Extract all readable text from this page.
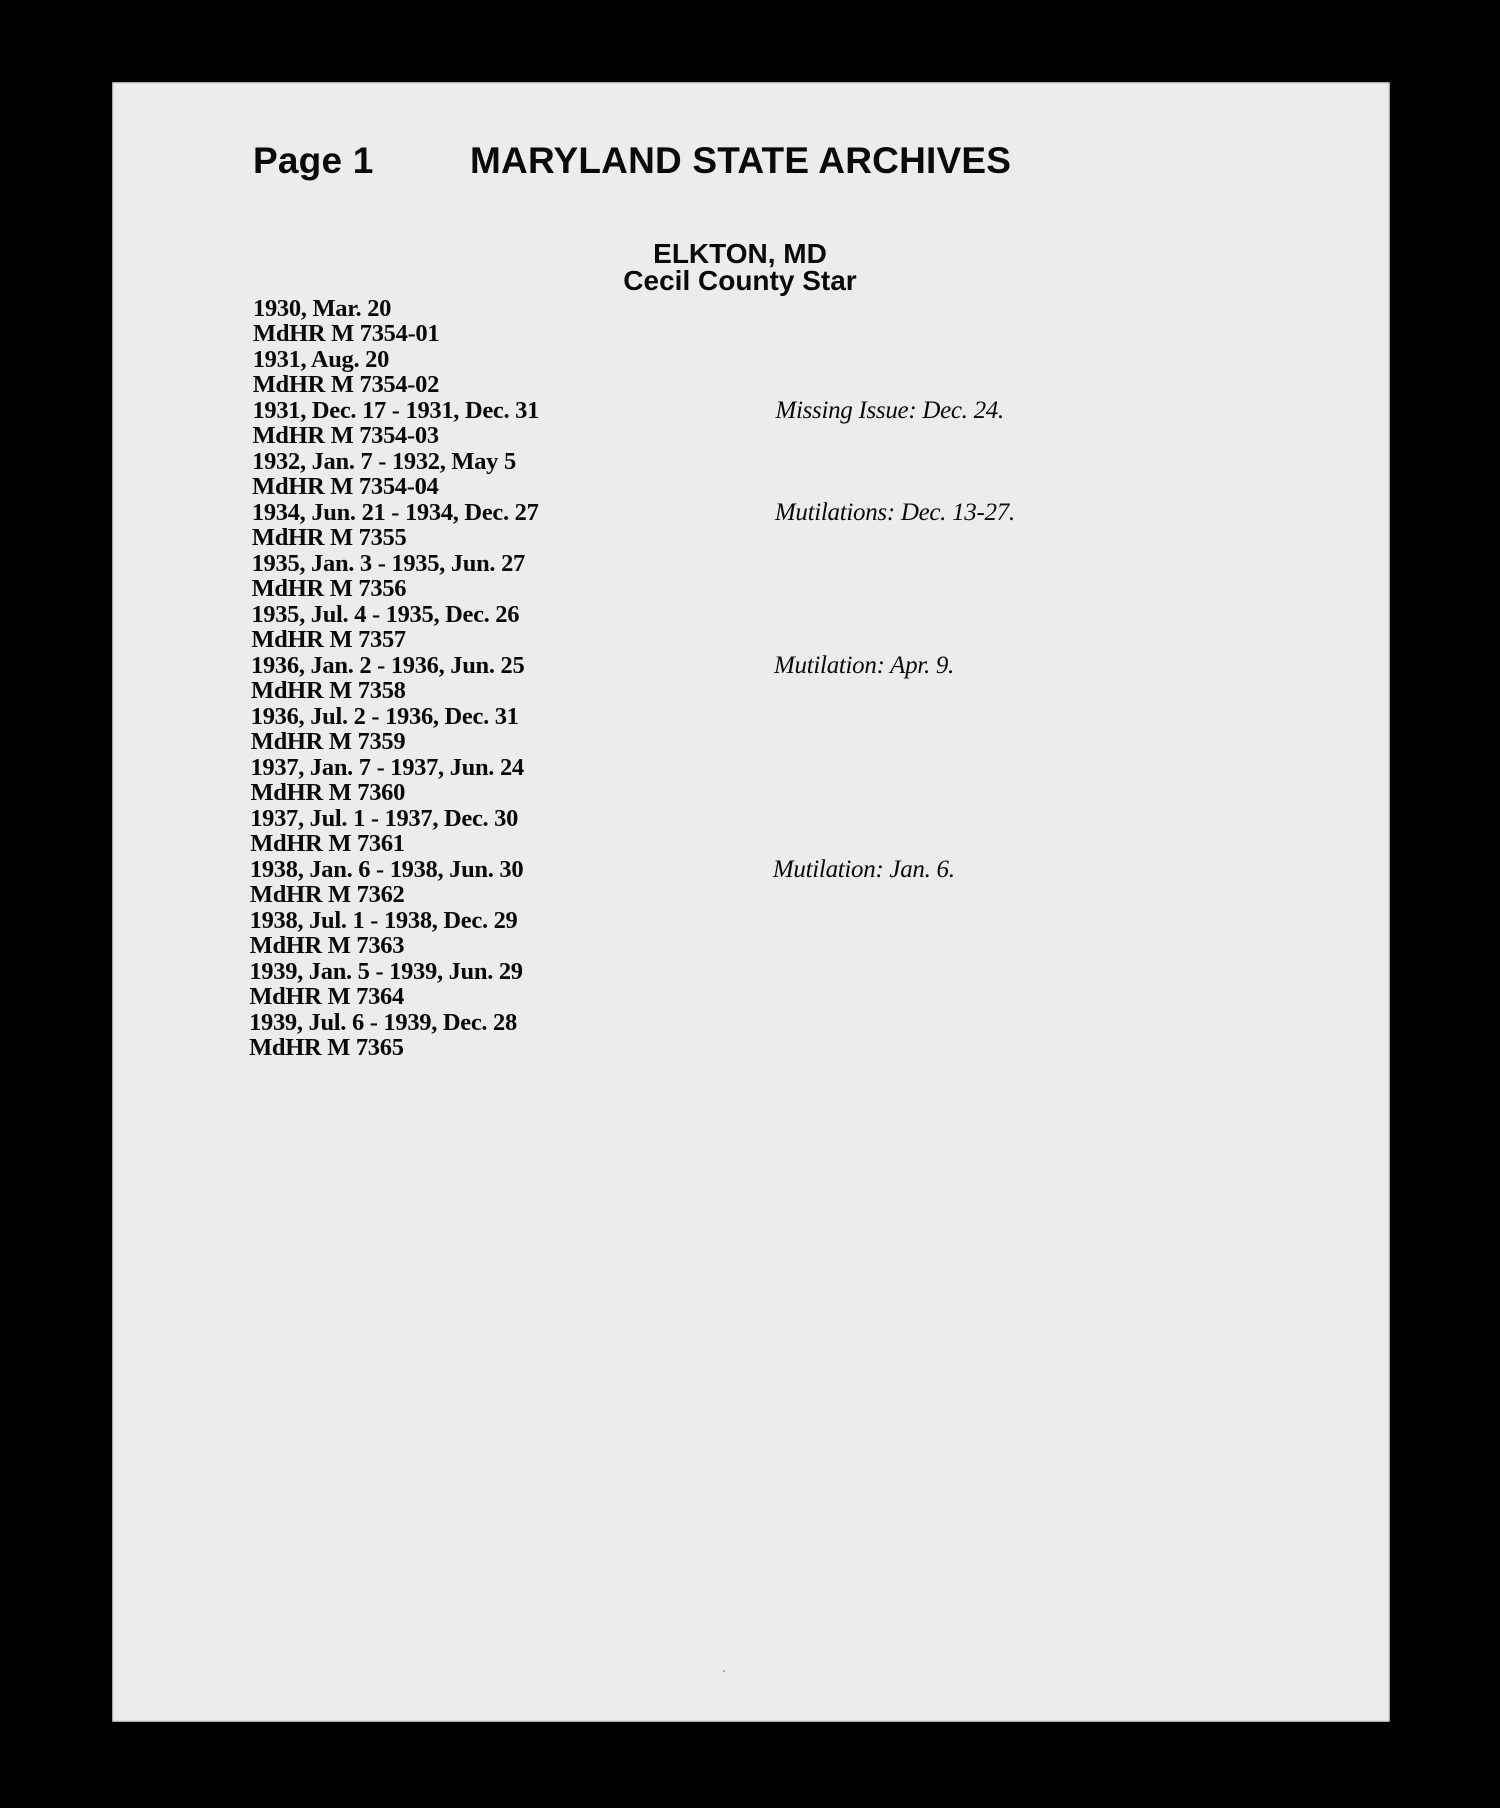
Page 1	MARYLAND STATE ARCHIVES
ELKTON, MD
Cecil County Star
1930, Mar. 20
MdHR M 7354-01
1931, Aug. 20
MdHR M 7354-02
1931, Dec. 17 - 1931, Dec. 31
MdHR M 7354-03
Missing Issue: Dec. 24.
1932, Jan. 7 - 1932, May 5
MdHR M 7354-04
1934, Jun. 21 - 1934, Dec. 27
MdHR M 7355
Mutilations: Dec. 13-27.
1935, Jan. 3 - 1935, Jun. 27
MdHR M 7356
1935, Jul. 4 - 1935, Dec. 26
MdHR M 7357
1936, Jan. 2 - 1936, Jun. 25
MdHR M 7358
Mutilation: Apr. 9.
1936, Jul. 2 - 1936, Dec. 31
MdHR M 7359
1937, Jan. 7 - 1937, Jun. 24
MdHR M 7360
1937, Jul. 1 - 1937, Dec. 30
MdHR M 7361
1938, Jan. 6 - 1938, Jun. 30
MdHR M 7362
Mutilation: Jan. 6.
1938, Jul. 1 - 1938, Dec. 29
MdHR M 7363
1939, Jan. 5 - 1939, Jun. 29
MdHR M 7364
1939, Jul. 6 - 1939, Dec. 28
MdHR M 7365
